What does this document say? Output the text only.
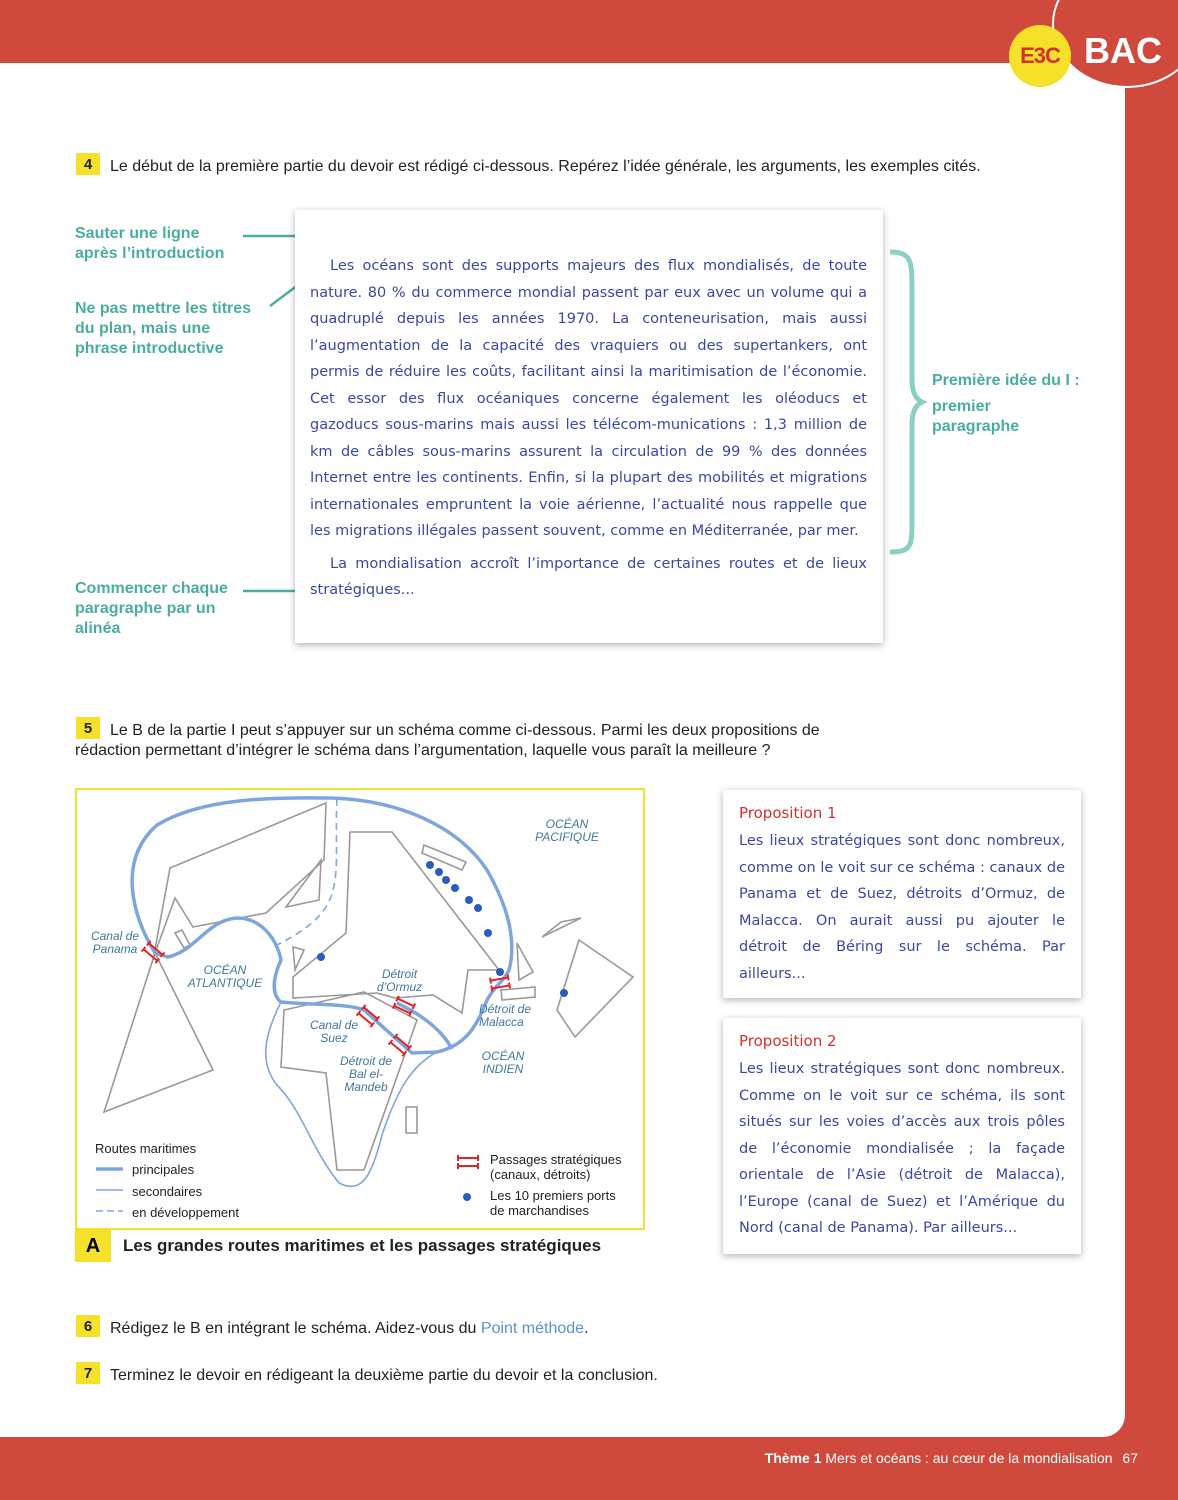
E3C BAC
4	Le début de la première partie du devoir est rédigé ci-dessous. Repérez l’idée générale, les arguments, les exemples cités.
Sauter une ligne après l’introduction
Ne pas mettre les titres du plan, mais une phrase introductive
Commencer chaque paragraphe par un alinéa
Première idée du I :
premier paragraphe

Les océans sont des supports majeurs des flux mondialisés, de toute nature. 80 % du commerce mondial passent par eux avec un volume qui a quadruplé depuis les années 1970. La conteneurisation, mais aussi l’augmentation de la capacité des vraquiers ou des supertankers, ont permis de réduire les coûts, facilitant ainsi la maritimisation de l’économie. Cet essor des flux océaniques concerne également les oléoducs et gazoducs sous-marins mais aussi les télécom-munications : 1,3 million de km de câbles sous-marins assurent la circulation de 99 % des données Internet entre les continents. Enfin, si la plupart des mobilités et migrations internationales empruntent la voie aérienne, l’actualité nous rappelle que les migrations illégales passent souvent, comme en Méditerranée, par mer.

La mondialisation accroît l’importance de certaines routes et de lieux stratégiques...

5	Le B de la partie I peut s’appuyer sur un schéma comme ci-dessous. Parmi les deux propositions de rédaction permettant d’intégrer le schéma dans l’argumentation, laquelle vous paraît la meilleure ?
Canal de Panama
OCÉAN ATLANTIQUE
Détroit d’Ormuz
Canal de Suez
Détroit de Bal el-Mandeb
Détroit de Malacca
OCÉAN INDIEN
OCÉAN PACIFIQUE
Routes maritimes
principales
secondaires
en développement
Passages stratégiques (canaux, détroits)
Les 10 premiers ports de marchandises
A	Les grandes routes maritimes et les passages stratégiques
Proposition 1

Les lieux stratégiques sont donc nombreux, comme on le voit sur ce schéma : canaux de Panama et de Suez, détroits d’Ormuz, de Malacca. On aurait aussi pu ajouter le détroit de Béring sur le schéma. Par ailleurs...

Proposition 2

Les lieux stratégiques sont donc nombreux. Comme on le voit sur ce schéma, ils sont situés sur les voies d’accès aux trois pôles de l’économie mondialisée ; la façade orientale de l’Asie (détroit de Malacca), l’Europe (canal de Suez) et l’Amérique du Nord (canal de Panama). Par ailleurs...

6	Rédigez le B en intégrant le schéma. Aidez-vous du Point méthode.
7	Terminez le devoir en rédigeant la deuxième partie du devoir et la conclusion.
Thème 1 Mers et océans : au cœur de la mondialisation 67
